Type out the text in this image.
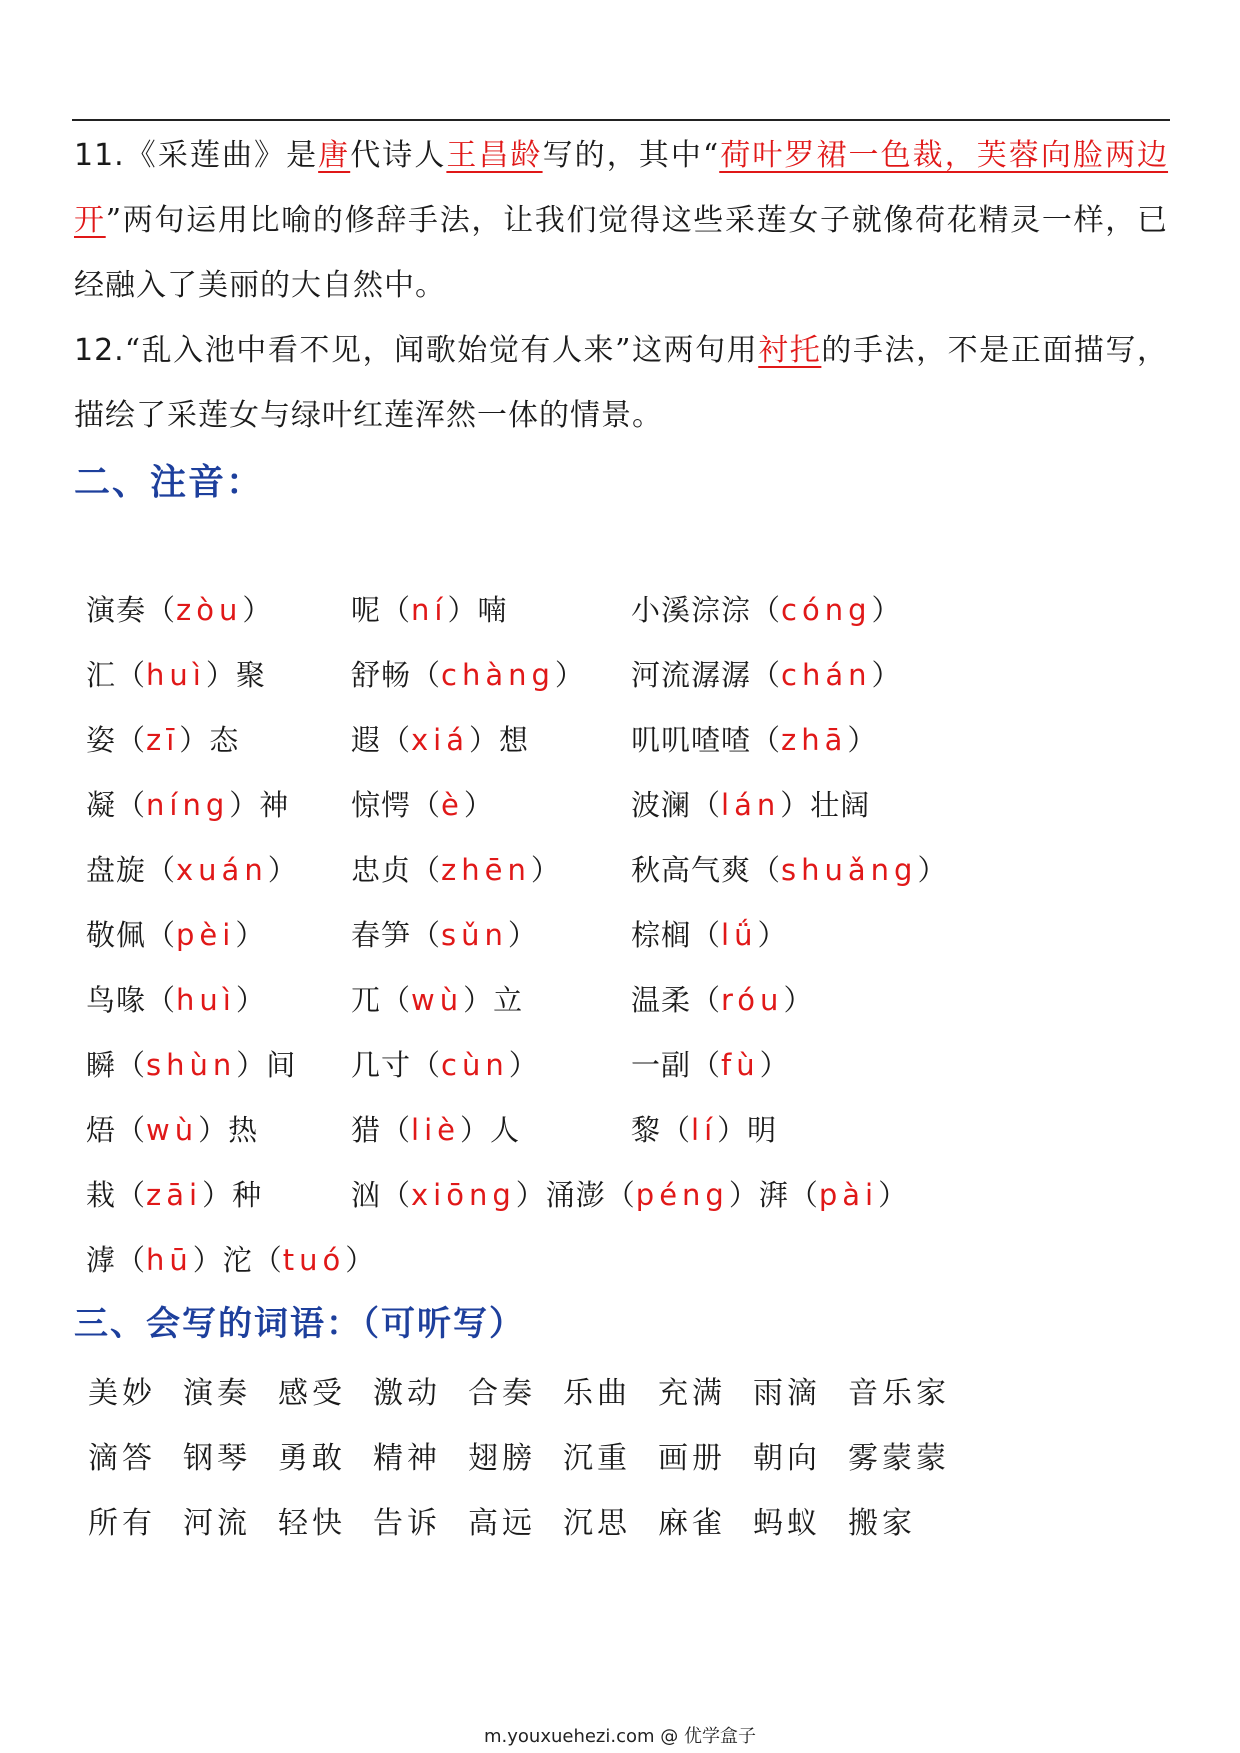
11.《采莲曲》是唐代诗人王昌龄写的，其中“荷叶罗裙一色裁，芙蓉向脸两边开”两句运用比喻的修辞手法，让我们觉得这些采莲女子就像荷花精灵一样，已经融入了美丽的大自然中。

12.“乱入池中看不见，闻歌始觉有人来”这两句用衬托的手法，不是正面描写，描绘了采莲女与绿叶红莲浑然一体的情景。

二、注音：
演奏（zòu）	呢（ní）喃	小溪淙淙（cóng）
汇（huì）聚	舒畅（chàng） 河流潺潺（chán）
姿（zī）态	遐（xiá）想	叽叽喳喳（zhā）
凝（níng）神 惊愕（è）	波澜（lán）壮阔
盘旋（xuán） 忠贞（zhēn） 秋高气爽（shuǎng）
敬佩（pèi）	春笋（sǔn）	棕榈（lǘ）
鸟喙（huì）	兀（wù）立	温柔（róu）
瞬（shùn）间 几寸（cùn）	一副（fù）
焐（wù）热	猎（liè）人	黎（lí）明
栽（zāi）种	汹（xiōng）涌澎（péng）湃（pài）
滹（hū）沱（tuó）
三、会写的词语：（可听写）
美妙 演奏 感受 激动 合奏 乐曲 充满 雨滴 音乐家
滴答 钢琴 勇敢 精神 翅膀 沉重 画册 朝向 雾蒙蒙
所有 河流 轻快 告诉 高远 沉思 麻雀 蚂蚁 搬家

m.youxuehezi.com @ 优学盒子
